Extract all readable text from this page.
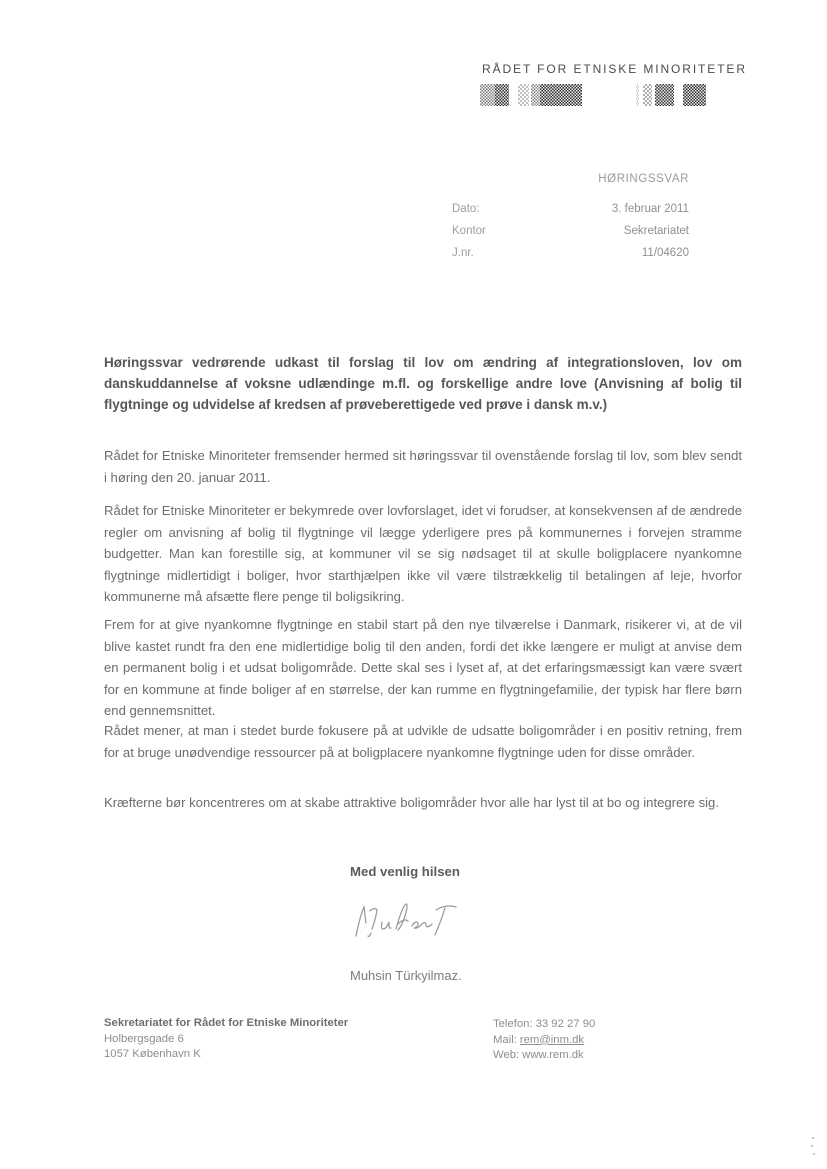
RÅDET FOR ETNISKE MINORITETER
HØRINGSSVAR
Dato:	3. februar 2011
Kontor	Sekretariatet
J.nr.	11/04620

Høringssvar vedrørende udkast til forslag til lov om ændring af integrationsloven, lov om danskuddannelse af voksne udlændinge m.fl. og forskellige andre love (Anvisning af bolig til flygtninge og udvidelse af kredsen af prøveberettigede ved prøve i dansk m.v.)

Rådet for Etniske Minoriteter fremsender hermed sit høringssvar til ovenstående forslag til lov, som blev sendt i høring den 20. januar 2011.

Rådet for Etniske Minoriteter er bekymrede over lovforslaget, idet vi forudser, at konsekvensen af de ændrede regler om anvisning af bolig til flygtninge vil lægge yderligere pres på kommunernes i forvejen stramme budgetter. Man kan forestille sig, at kommuner vil se sig nødsaget til at skulle boligplacere nyankomne flygtninge midlertidigt i boliger, hvor starthjælpen ikke vil være tilstrækkelig til betalingen af leje, hvorfor kommunerne må afsætte flere penge til boligsikring.

Frem for at give nyankomne flygtninge en stabil start på den nye tilværelse i Danmark, risikerer vi, at de vil blive kastet rundt fra den ene midlertidige bolig til den anden, fordi det ikke længere er muligt at anvise dem en permanent bolig i et udsat boligområde. Dette skal ses i lyset af, at det erfaringsmæssigt kan være svært for en kommune at finde boliger af en størrelse, der kan rumme en flygtningefamilie, der typisk har flere børn end gennemsnittet.

Rådet mener, at man i stedet burde fokusere på at udvikle de udsatte boligområder i en positiv retning, frem for at bruge unødvendige ressourcer på at boligplacere nyankomne flygtninge uden for disse områder.

Kræfterne bør koncentreres om at skabe attraktive boligområder hvor alle har lyst til at bo og integrere sig.

Med venlig hilsen
Muhsin Türkyilmaz.
Sekretariatet for Rådet for Etniske Minoriteter
Holbergsgade 6
1057 København K
Telefon: 33 92 27 90
Mail: rem@inm.dk
Web: www.rem.dk
